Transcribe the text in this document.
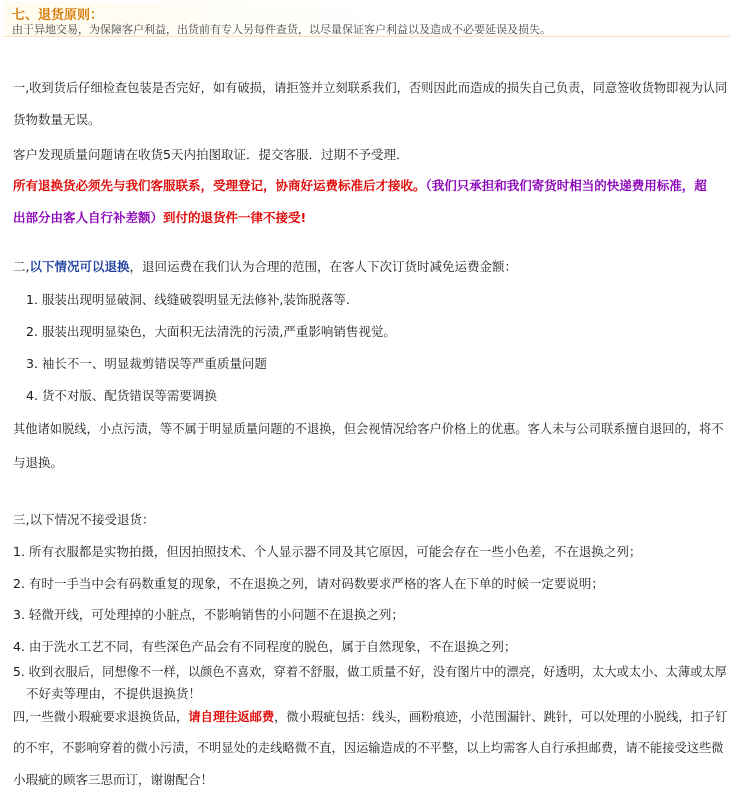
七、退货原则：
由于异地交易，为保障客户利益，出货前有专人另每件查货，以尽量保证客户利益以及造成不必要延误及损失。
一,收到货后仔细检查包装是否完好，如有破损，请拒签并立刻联系我们，否则因此而造成的损失自己负责，同意签收货物即视为认同
货物数量无误。
客户发现质量问题请在收货5天内拍图取证．提交客服．过期不予受理．
所有退换货必须先与我们客服联系，受理登记，协商好运费标准后才接收。（我们只承担和我们寄货时相当的快递费用标准，超
出部分由客人自行补差额）到付的退货件一律不接受!
二,以下情况可以退换，退回运费在我们认为合理的范围，在客人下次订货时减免运费金额：
1. 服装出现明显破洞、线缝破裂明显无法修补,装饰脱落等.
2. 服装出现明显染色，大面积无法清洗的污渍,严重影响销售视觉。
3. 袖长不一、明显裁剪错误等严重质量问题
4. 货不对版、配货错误等需要调换
其他诸如脱线，小点污渍，等不属于明显质量问题的不退换，但会视情况给客户价格上的优惠。客人未与公司联系擅自退回的，将不
与退换。
三,以下情况不接受退货：
1. 所有衣服都是实物拍摄，但因拍照技术、个人显示器不同及其它原因，可能会存在一些小色差，不在退换之列；
2. 有时一手当中会有码数重复的现象，不在退换之列，请对码数要求严格的客人在下单的时候一定要说明；
3. 轻微开线，可处理掉的小脏点，不影响销售的小问题不在退换之列；
4. 由于洗水工艺不同，有些深色产品会有不同程度的脱色，属于自然现象，不在退换之列；
5. 收到衣服后，同想像不一样，以颜色不喜欢，穿着不舒服，做工质量不好，没有图片中的漂亮，好透明，太大或太小、太薄或太厚
不好卖等理由，不提供退换货！
四,一些微小瑕疵要求退换货品，请自理往返邮费，微小瑕疵包括：线头，画粉痕迹，小范围漏针、跳针，可以处理的小脱线，扣子钉
的不牢，不影响穿着的微小污渍，不明显处的走线略微不直，因运输造成的不平整，以上均需客人自行承担邮费，请不能接受这些微
小瑕疵的顾客三思而订，谢谢配合！
